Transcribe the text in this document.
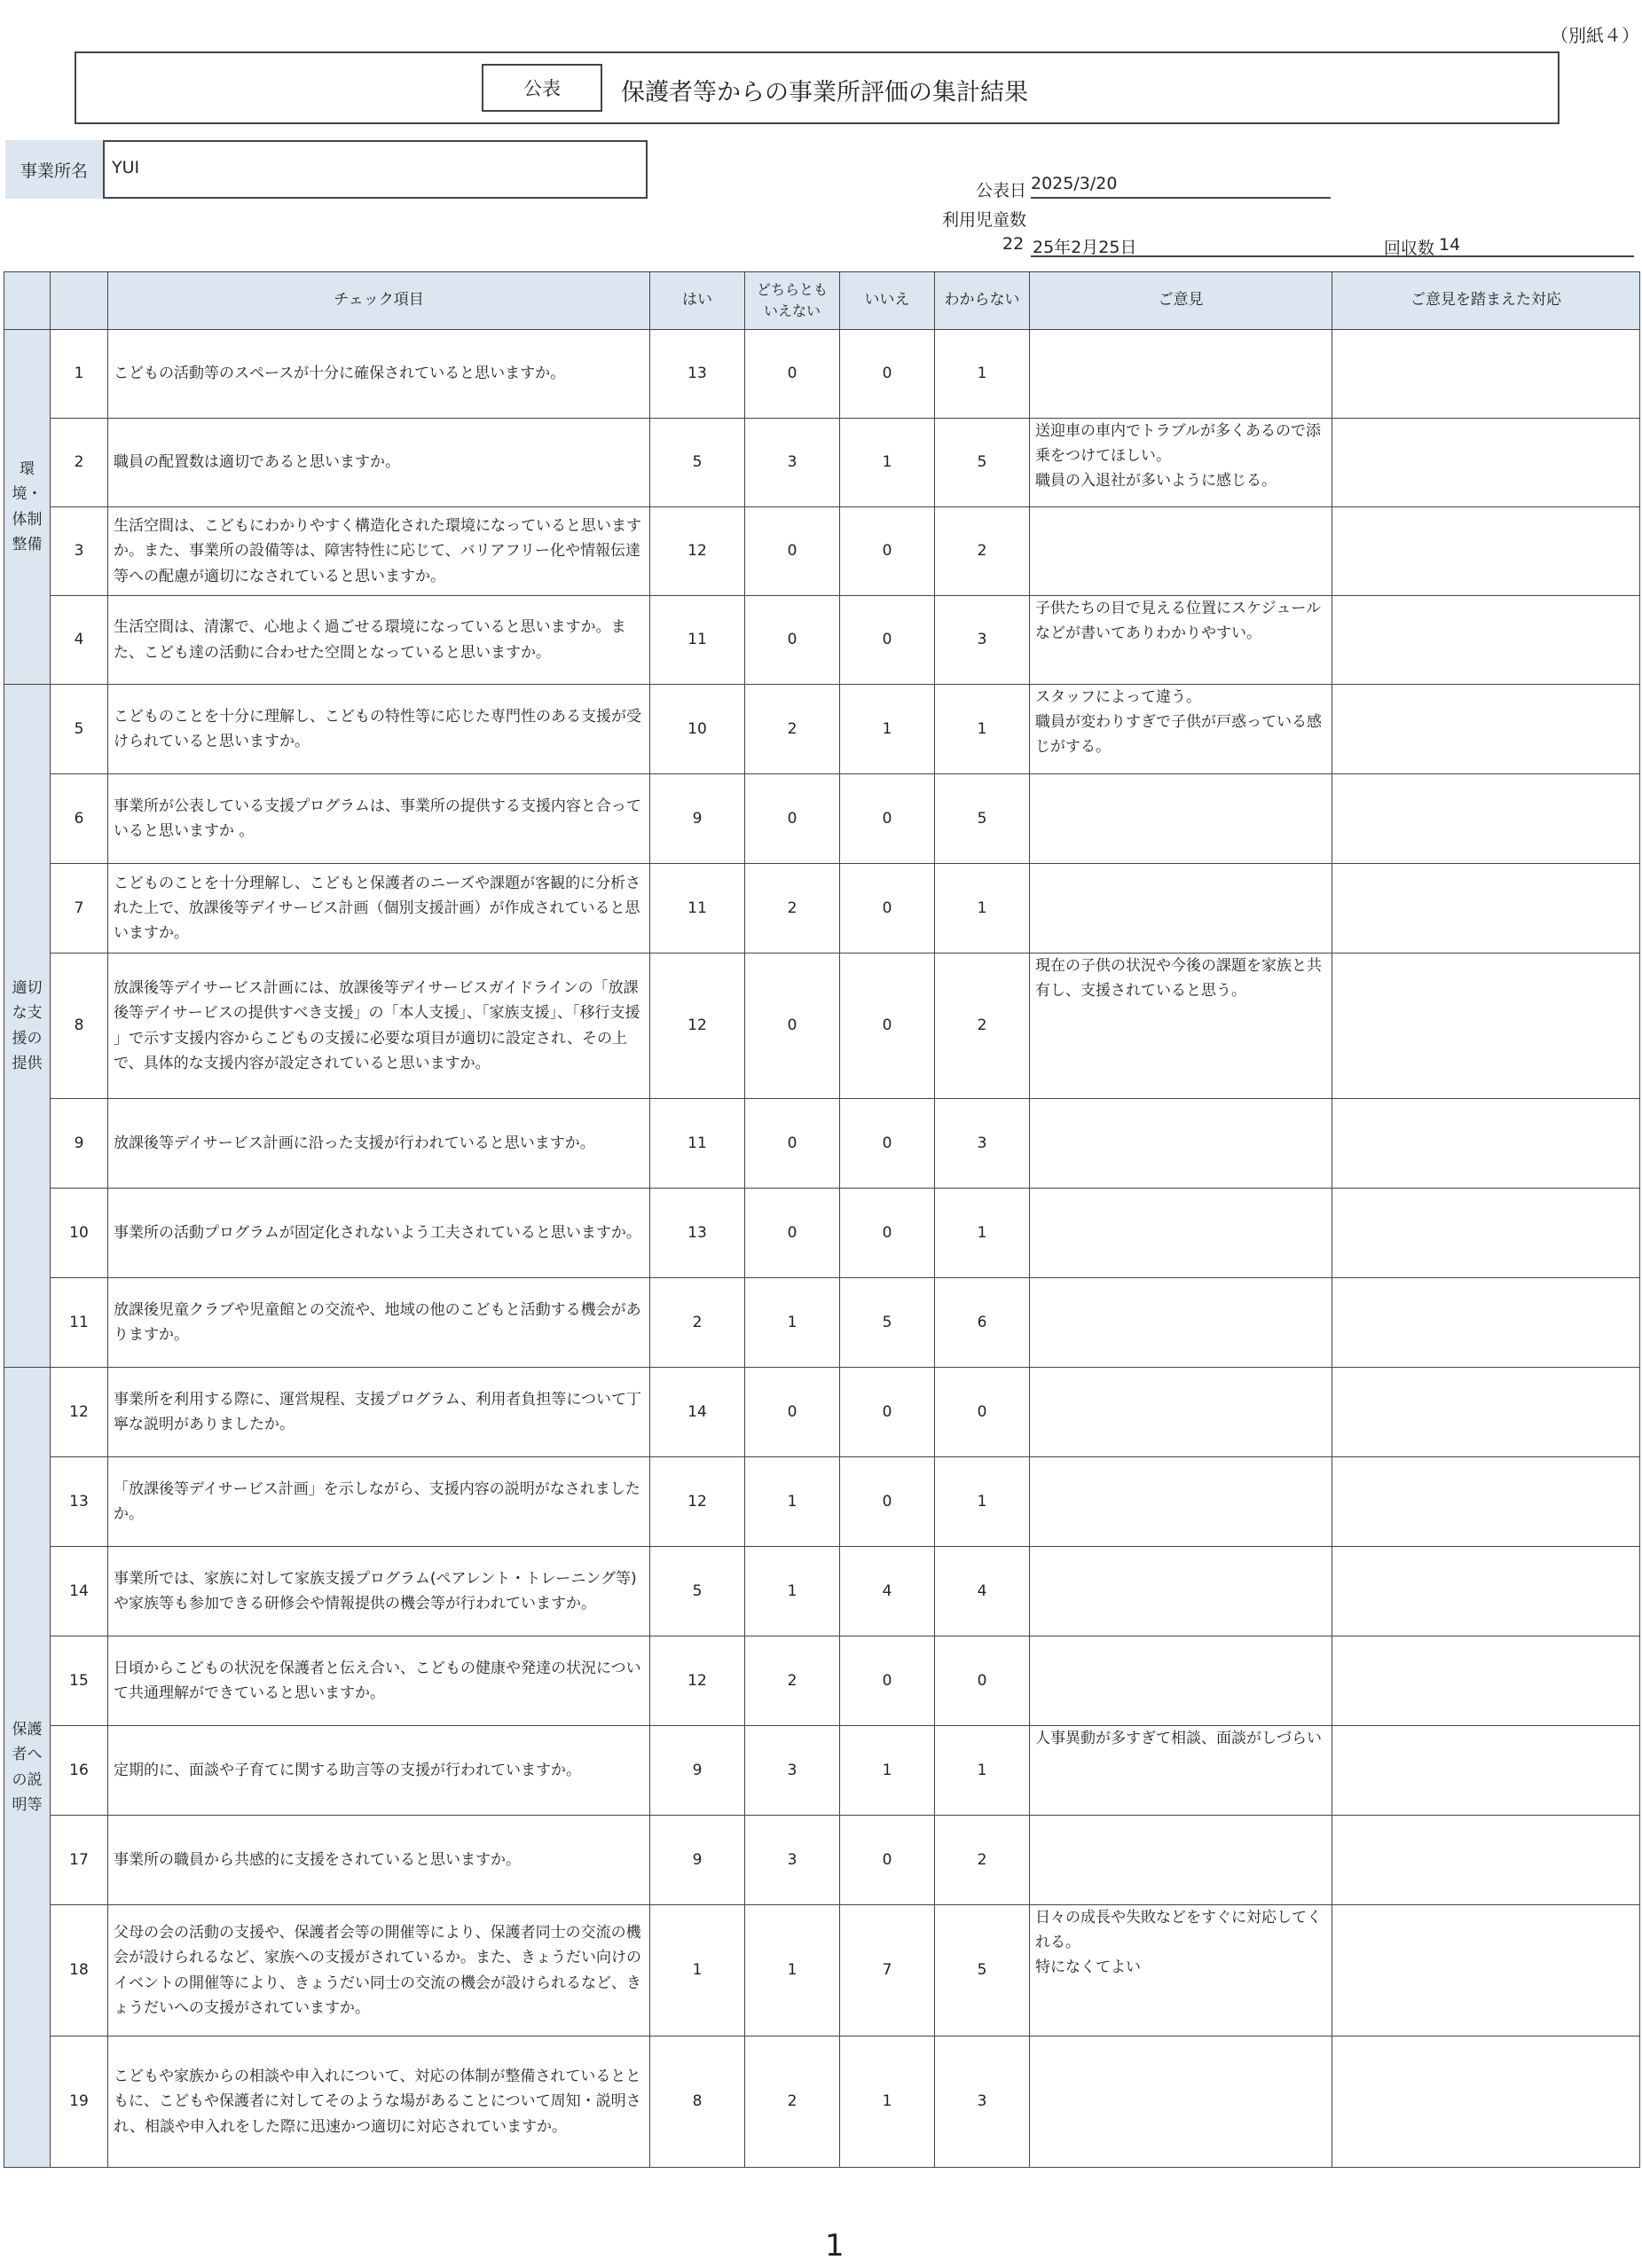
（別紙４）
公表	保護者等からの事業所評価の集計結果
事業所名	YUI
公表日 2025/3/20
利用児童数
22 25年2月25日	回収数 14
		チェック項目	はい	どちらとも
いえない	いいえ	わからない	ご意見	ご意見を踏まえた対応
環
境・
体制
整備	1	こどもの活動等のスペースが十分に確保されていると思いますか。	13	0	0	1		
	2	職員の配置数は適切であると思いますか。	5	3	1	5	送迎車の車内でトラブルが多くあるので添乗をつけてほしい。
職員の入退社が多いように感じる。	
	3	生活空間は、こどもにわかりやすく構造化された環境になっていると思いますか。また、事業所の設備等は、障害特性に応じて、バリアフリー化や情報伝達等への配慮が適切になされていると思いますか。	12	0	0	2		
	4	生活空間は、清潔で、心地よく過ごせる環境になっていると思いますか。また、こども達の活動に合わせた空間となっていると思いますか。	11	0	0	3	子供たちの目で見える位置にスケジュールなどが書いてありわかりやすい。	
適切
な支
援の
提供	5	こどものことを十分に理解し、こどもの特性等に応じた専門性のある支援が受けられていると思いますか。	10	2	1	1	スタッフによって違う。
職員が変わりすぎで子供が戸惑っている感じがする。	
	6	事業所が公表している支援プログラムは、事業所の提供する支援内容と合っていると思いますか 。	9	0	0	5		
	7	こどものことを十分理解し、こどもと保護者のニーズや課題が客観的に分析された上で、放課後等デイサービス計画（個別支援計画）が作成されていると思いますか。	11	2	0	1		
	8	放課後等デイサービス計画には、放課後等デイサービスガイドラインの「放課後等デイサービスの提供すべき支援」の「本人支援」、「家族支援」、「移行支援 」で示す支援内容からこどもの支援に必要な項目が適切に設定され、その上で、具体的な支援内容が設定されていると思いますか。	12	0	0	2	現在の子供の状況や今後の課題を家族と共有し、支援されていると思う。	
	9	放課後等デイサービス計画に沿った支援が行われていると思いますか。	11	0	0	3		
	10	事業所の活動プログラムが固定化されないよう工夫されていると思いますか。	13	0	0	1		
	11	放課後児童クラブや児童館との交流や、地域の他のこどもと活動する機会がありますか。	2	1	5	6		
保護
者へ
の説
明等	12	事業所を利用する際に、運営規程、支援プログラム、利用者負担等について丁寧な説明がありましたか。	14	0	0	0		
	13	「放課後等デイサービス計画」を示しながら、支援内容の説明がなされましたか。	12	1	0	1		
	14	事業所では、家族に対して家族支援プログラム(ペアレント・トレーニング等)や家族等も参加できる研修会や情報提供の機会等が行われていますか。	5	1	4	4		
	15	日頃からこどもの状況を保護者と伝え合い、こどもの健康や発達の状況について共通理解ができていると思いますか。	12	2	0	0		
	16	定期的に、面談や子育てに関する助言等の支援が行われていますか。	9	3	1	1	人事異動が多すぎて相談、面談がしづらい	
	17	事業所の職員から共感的に支援をされていると思いますか。	9	3	0	2		
	18	父母の会の活動の支援や、保護者会等の開催等により、保護者同士の交流の機会が設けられるなど、家族への支援がされているか。また、きょうだい向けのイベントの開催等により、きょうだい同士の交流の機会が設けられるなど、きょうだいへの支援がされていますか。	1	1	7	5	日々の成長や失敗などをすぐに対応してくれる。
特になくてよい	
	19	こどもや家族からの相談や申入れについて、対応の体制が整備されているとともに、こどもや保護者に対してそのような場があることについて周知・説明され、相談や申入れをした際に迅速かつ適切に対応されていますか。	8	2	1	3		
1
